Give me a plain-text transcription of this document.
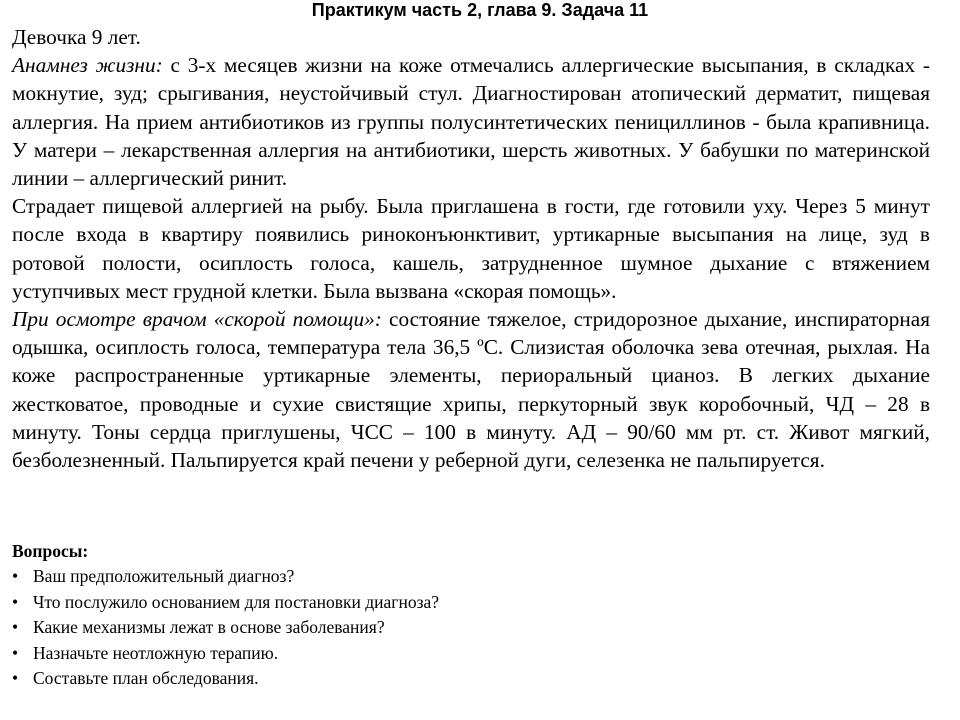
Практикум часть 2, глава 9. Задача 11

Девочка 9 лет.

Анамнез жизни: с 3-х месяцев жизни на коже отмечались аллергические высыпания, в складках - мокнутие, зуд; срыгивания, неустойчивый стул. Диагностирован атопический дерматит, пищевая аллергия. На прием антибиотиков из группы полусинтетических пенициллинов - была крапивница. У матери – лекарственная аллергия на антибиотики, шерсть животных. У бабушки по материнской линии – аллергический ринит.

Страдает пищевой аллергией на рыбу. Была приглашена в гости, где готовили уху. Через 5 минут после входа в квартиру появились риноконъюнктивит, уртикарные высыпания на лице, зуд в ротовой полости, осиплость голоса, кашель, затрудненное шумное дыхание с втяжением уступчивых мест грудной клетки. Была вызвана «скорая помощь».

При осмотре врачом «скорой помощи»: состояние тяжелое, стридорозное дыхание, инспираторная одышка, осиплость голоса, температура тела 36,5 ºС. Слизистая оболочка зева отечная, рыхлая. На коже распространенные уртикарные элементы, периоральный цианоз. В легких дыхание жестковатое, проводные и сухие свистящие хрипы, перкуторный звук коробочный, ЧД – 28 в минуту. Тоны сердца приглушены, ЧСС – 100 в минуту. АД – 90/60 мм рт. ст. Живот мягкий, безболезненный. Пальпируется край печени у реберной дуги, селезенка не пальпируется.

Вопросы:
• Ваш предположительный диагноз?
• Что послужило основанием для постановки диагноза?
• Какие механизмы лежат в основе заболевания?
• Назначьте неотложную терапию.
• Составьте план обследования.
